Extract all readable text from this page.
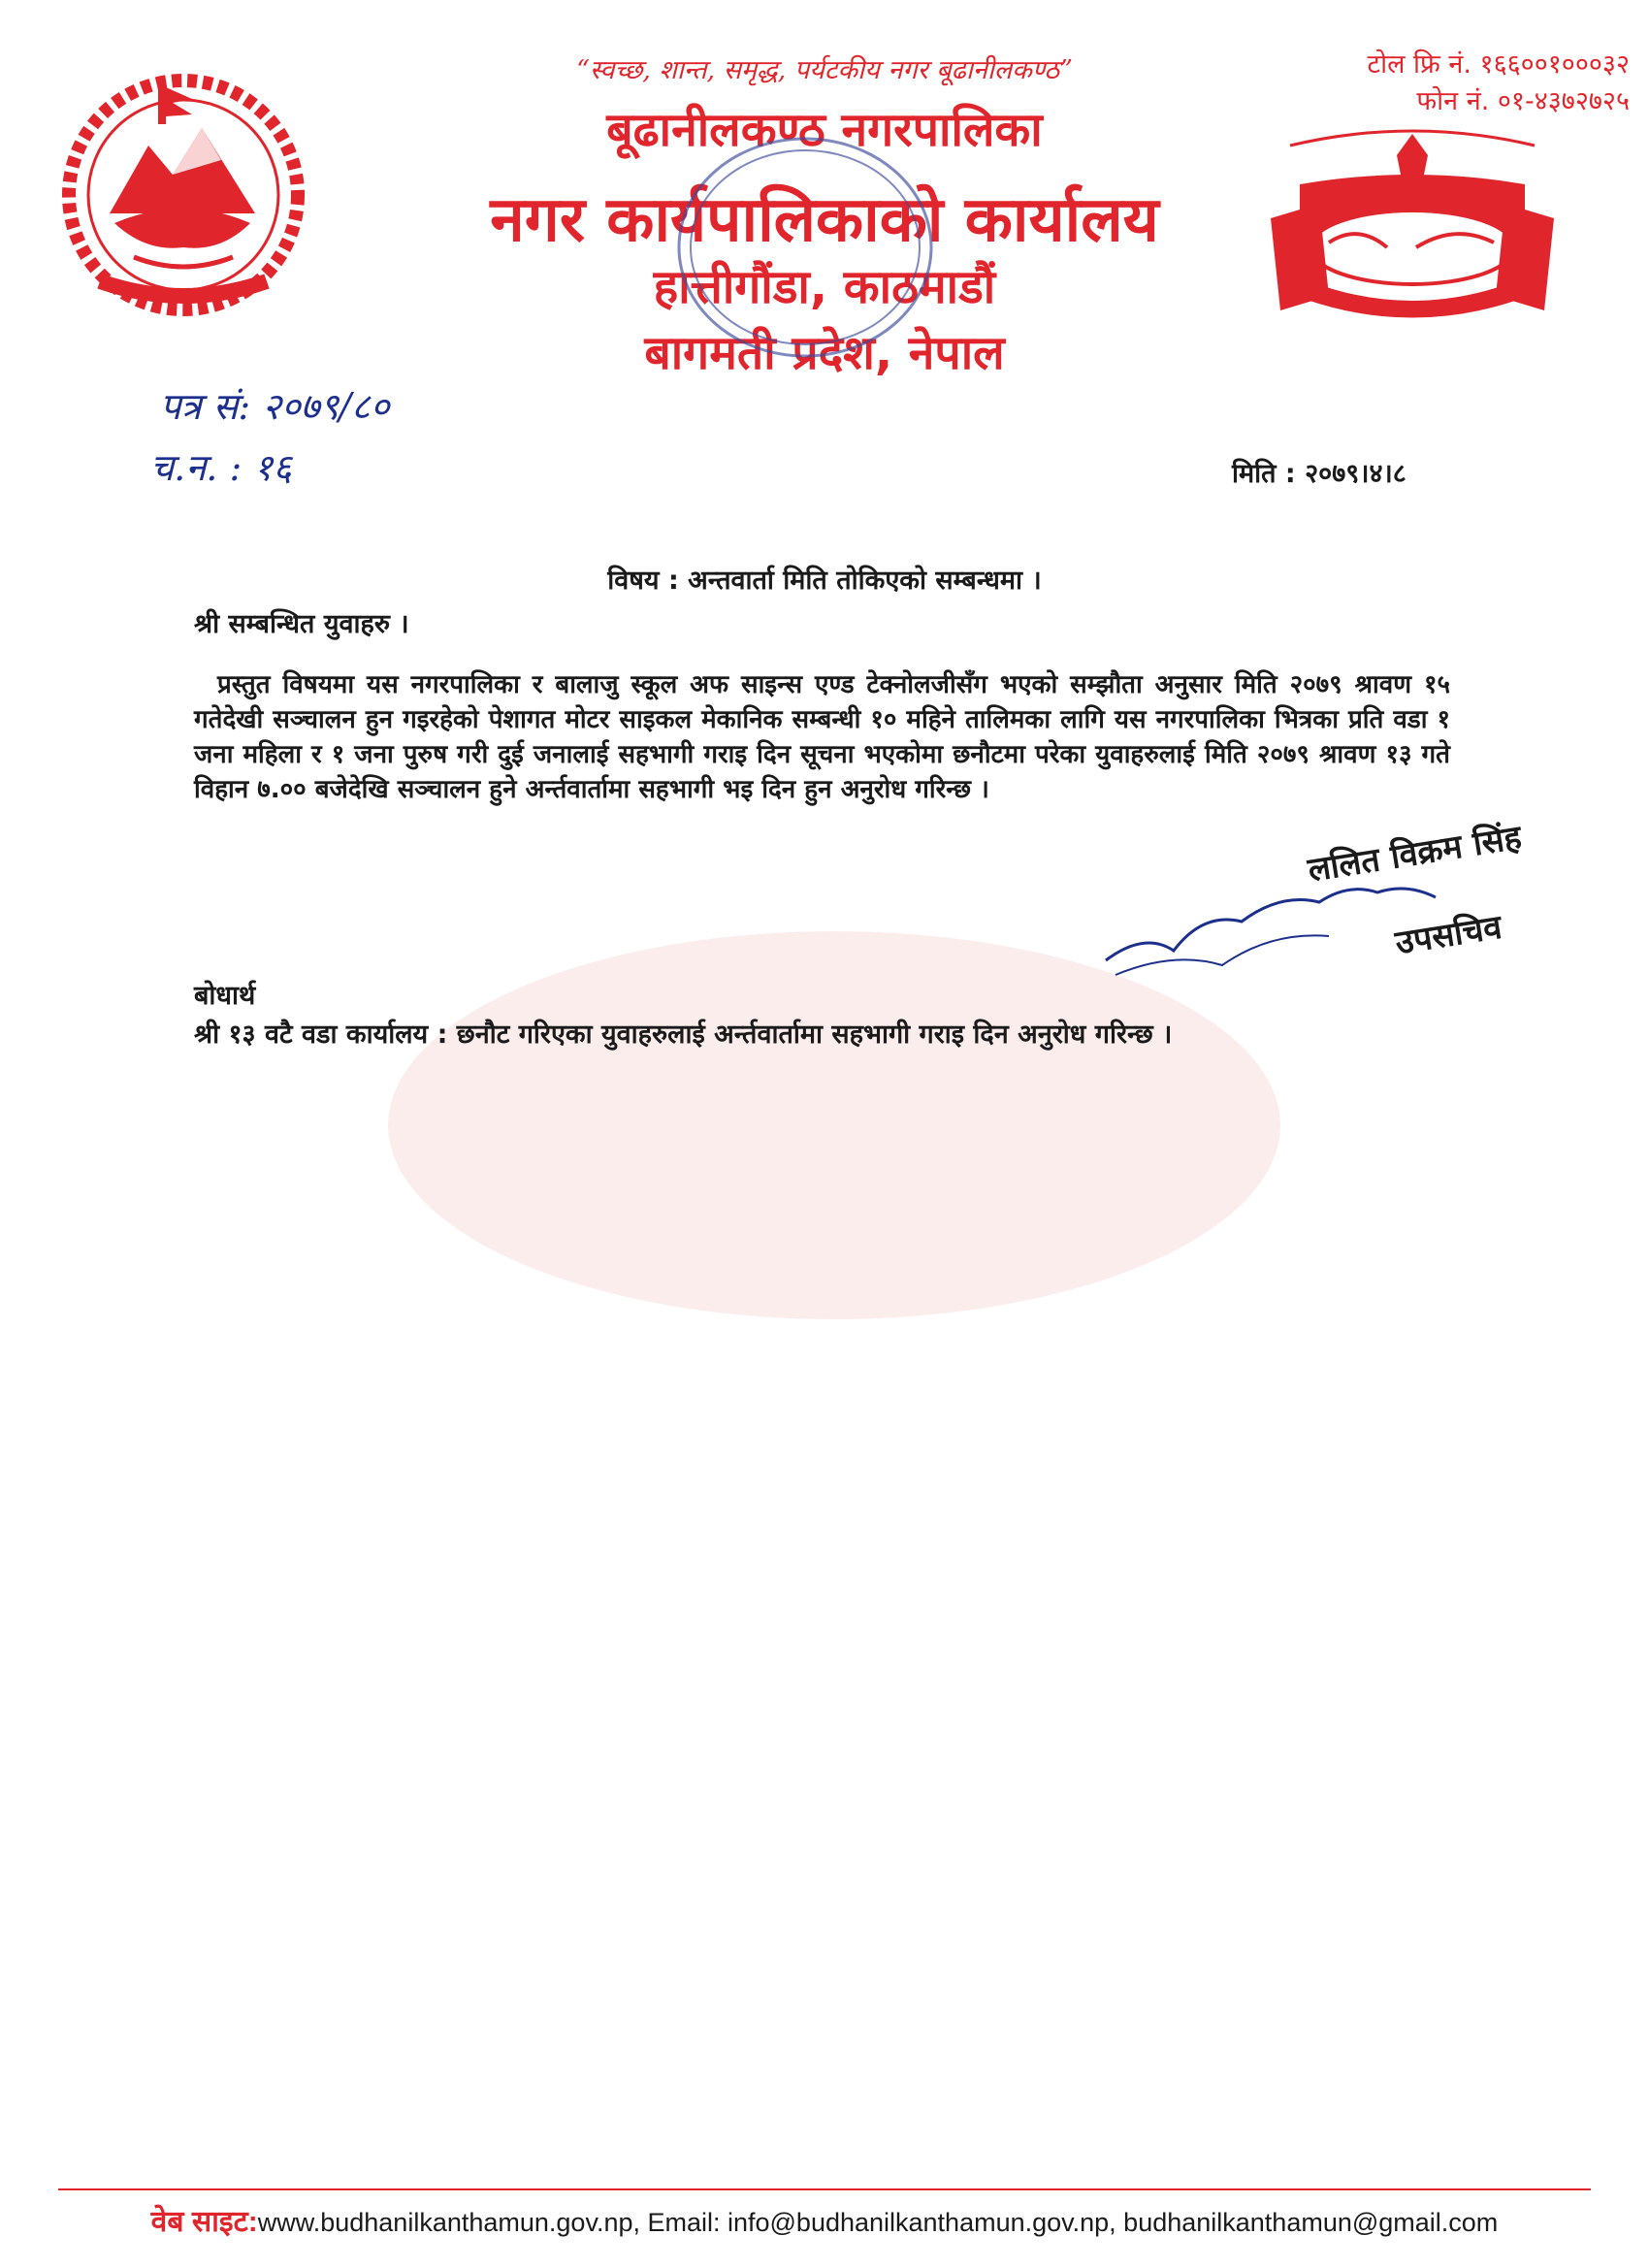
“स्वच्छ, शान्त, समृद्ध, पर्यटकीय नगर बूढानीलकण्ठ”
बूढानीलकण्ठ नगरपालिका
नगर कार्यपालिकाको कार्यालय
हात्तीगौंडा, काठमाडौं
बागमती प्रदेश, नेपाल
टोल फ्रि नं. १६६००१०००३२
फोन नं. ०१-४३७२७२५
पत्र सं: २०७९/८०
च.न. : १६	मिति : २०७९।४।८
विषय : अन्तवार्ता मिति तोकिएको सम्बन्धमा ।
श्री सम्बन्धित युवाहरु ।

प्रस्तुत विषयमा यस नगरपालिका र बालाजु स्कूल अफ साइन्स एण्ड टेक्नोलजीसँग भएको सम्झौता अनुसार मिति २०७९ श्रावण १५ गतेदेखी सञ्चालन हुन गइरहेको पेशागत मोटर साइकल मेकानिक सम्बन्धी १० महिने तालिमका लागि यस नगरपालिका भित्रका प्रति वडा १ जना महिला र १ जना पुरुष गरी दुई जनालाई सहभागी गराइ दिन सूचना भएकोमा छनौटमा परेका युवाहरुलाई मिति २०७९ श्रावण १३ गते विहान ७.०० बजेदेखि सञ्चालन हुने अर्न्तवार्तामा सहभागी भइ दिन हुन अनुरोध गरिन्छ ।

ललित विक्रम सिंह
उपसचिव
बोधार्थ
श्री १३ वटै वडा कार्यालय : छनौट गरिएका युवाहरुलाई अर्न्तवार्तामा सहभागी गराइ दिन अनुरोध गरिन्छ ।
वेब साइट:www.budhanilkanthamun.gov.np, Email: info@budhanilkanthamun.gov.np, budhanilkanthamun@gmail.com
